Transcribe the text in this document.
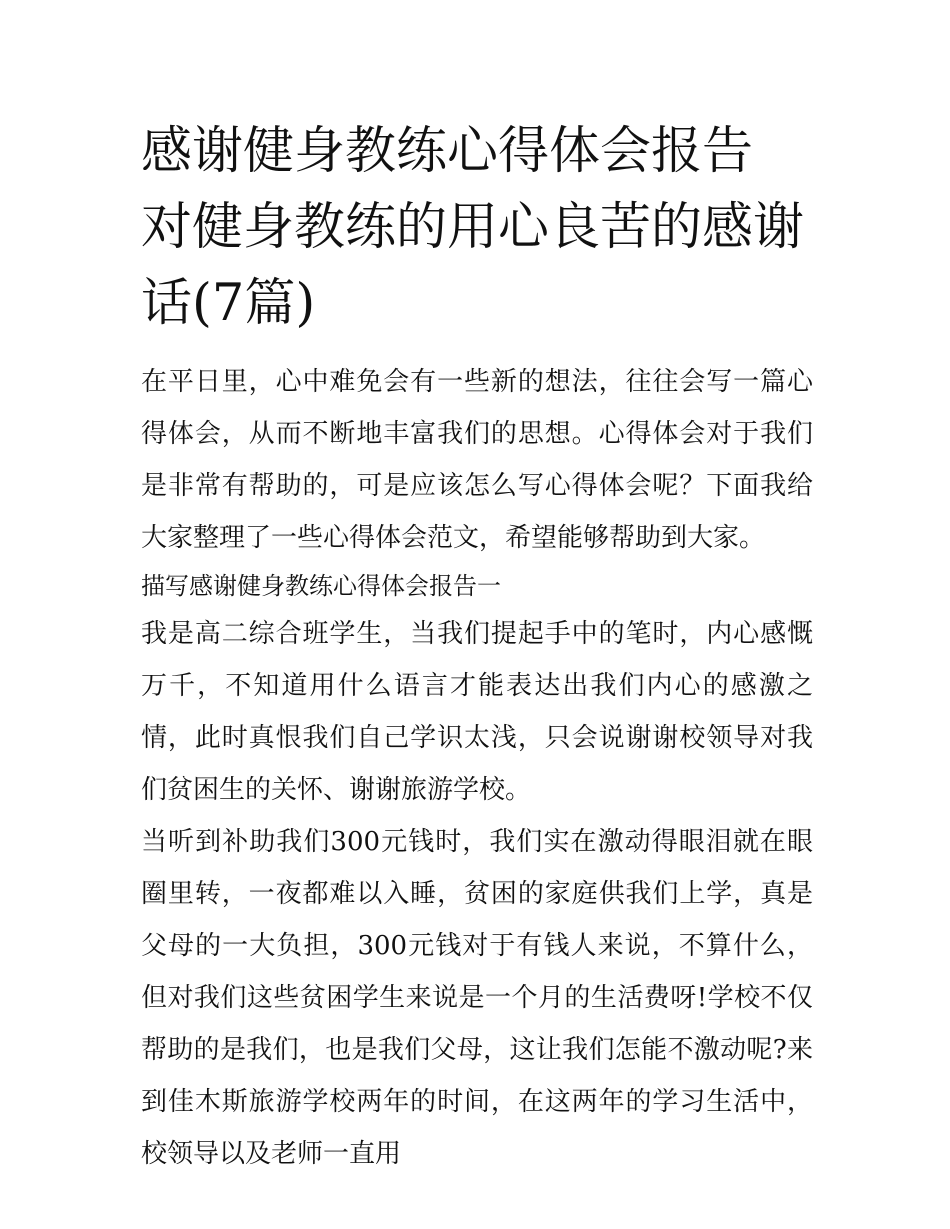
感谢健身教练心得体会报告 对健身教练的用心良苦的感谢话(7篇)

在平日里，心中难免会有一些新的想法，往往会写一篇心得体会，从而不断地丰富我们的思想。心得体会对于我们是非常有帮助的，可是应该怎么写心得体会呢？下面我给大家整理了一些心得体会范文，希望能够帮助到大家。

描写感谢健身教练心得体会报告一

我是高二综合班学生，当我们提起手中的笔时，内心感慨万千，不知道用什么语言才能表达出我们内心的感激之情，此时真恨我们自己学识太浅，只会说谢谢校领导对我们贫困生的关怀、谢谢旅游学校。

当听到补助我们300元钱时，我们实在激动得眼泪就在眼圈里转，一夜都难以入睡，贫困的家庭供我们上学，真是父母的一大负担，300元钱对于有钱人来说，不算什么，但对我们这些贫困学生来说是一个月的生活费呀!学校不仅帮助的是我们，也是我们父母，这让我们怎能不激动呢?来到佳木斯旅游学校两年的时间，在这两年的学习生活中，校领导以及老师一直用
